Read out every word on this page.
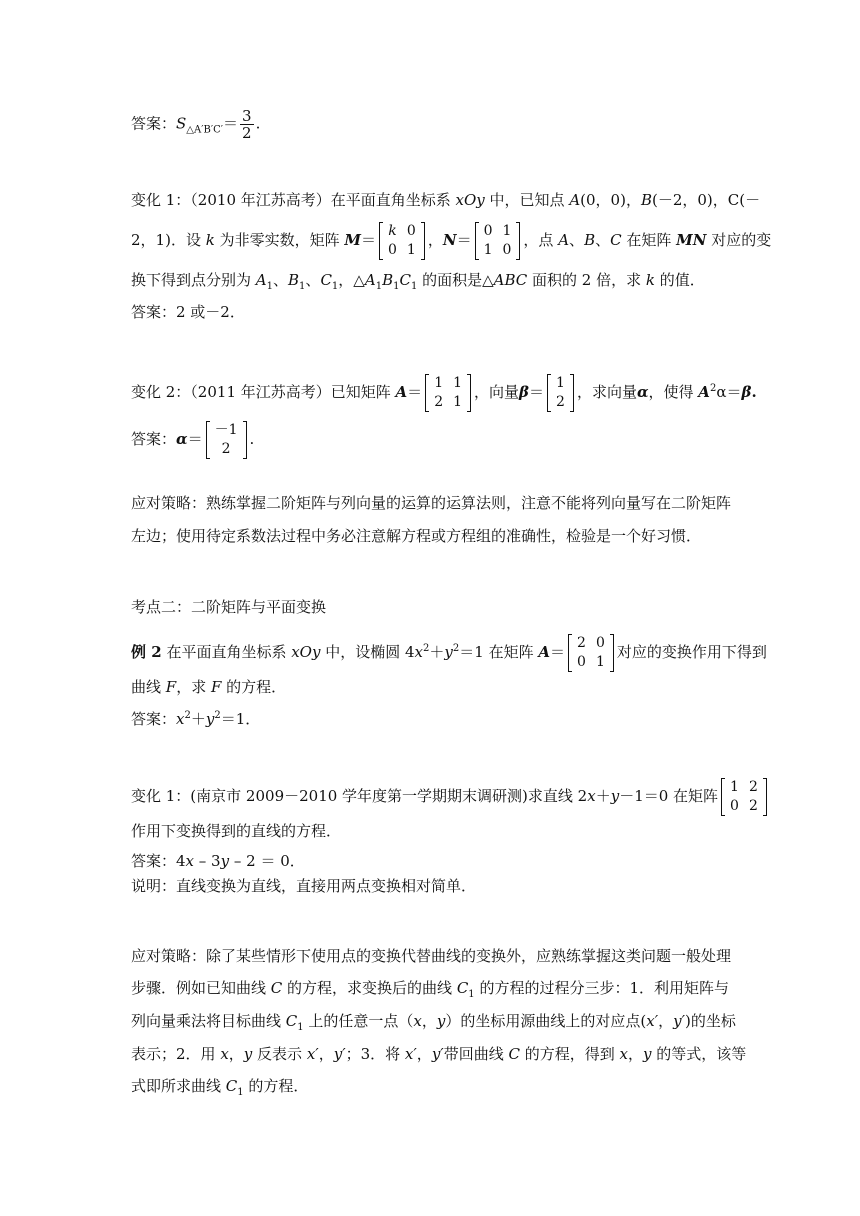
答案：$S_{\triangle A'B'C'}= \frac{3}{2}$ .
变化 1：（2010 年江苏高考）在平面直角坐标系 xOy 中，已知点 A(0，0)，B(－2，0)，C(－
2，1)．设 k 为非零实数，矩阵 M＝ k	0
0	1
，N＝ 0	1
1	0
，点 A、B、C 在矩阵 MN 对应的变
换下得到点分别为 $A_1$、$B_1$、$C_1$，$\triangle A_1B_1C_1$ 的面积是△ABC 面积的 2 倍，求 k 的值．
答案：2 或－2．
变化 2：（2011 年江苏高考）已知矩阵 A＝ 1	1
2	1
，向量β＝ 1
2
，求向量α，使得 $A^2\alpha=\beta$.
答案：α＝ －1
2
.
应对策略：熟练掌握二阶矩阵与列向量的运算的运算法则，注意不能将列向量写在二阶矩阵
左边；使用待定系数法过程中务必注意解方程或方程组的准确性，检验是一个好习惯．
考点二：二阶矩阵与平面变换
例 2 在平面直角坐标系 xOy 中，设椭圆 $4x^2+y^2=1$ 在矩阵 A＝ 2	0
0	1
对应的变换作用下得到
曲线 F，求 F 的方程．
答案：$x^2+y^2=1$．
变化 1：(南京市 2009－2010 学年度第一学期期末调研测)求直线 2x＋y－1＝0 在矩阵 1	2
0	2
作用下变换得到的直线的方程．
答案：4x – 3y – 2 ＝ 0．
说明：直线变换为直线，直接用两点变换相对简单．
应对策略：除了某些情形下使用点的变换代替曲线的变换外，应熟练掌握这类问题一般处理
步骤．例如已知曲线 C 的方程，求变换后的曲线 $C_1$ 的方程的过程分三步：1．利用矩阵与
列向量乘法将目标曲线 $C_1$ 上的任意一点（x，y）的坐标用源曲线上的对应点(x′，y′)的坐标
表示；2．用 x，y 反表示 x′，y′；3．将 x′，y′带回曲线 C 的方程，得到 x，y 的等式，该等
式即所求曲线 $C_1$ 的方程．
